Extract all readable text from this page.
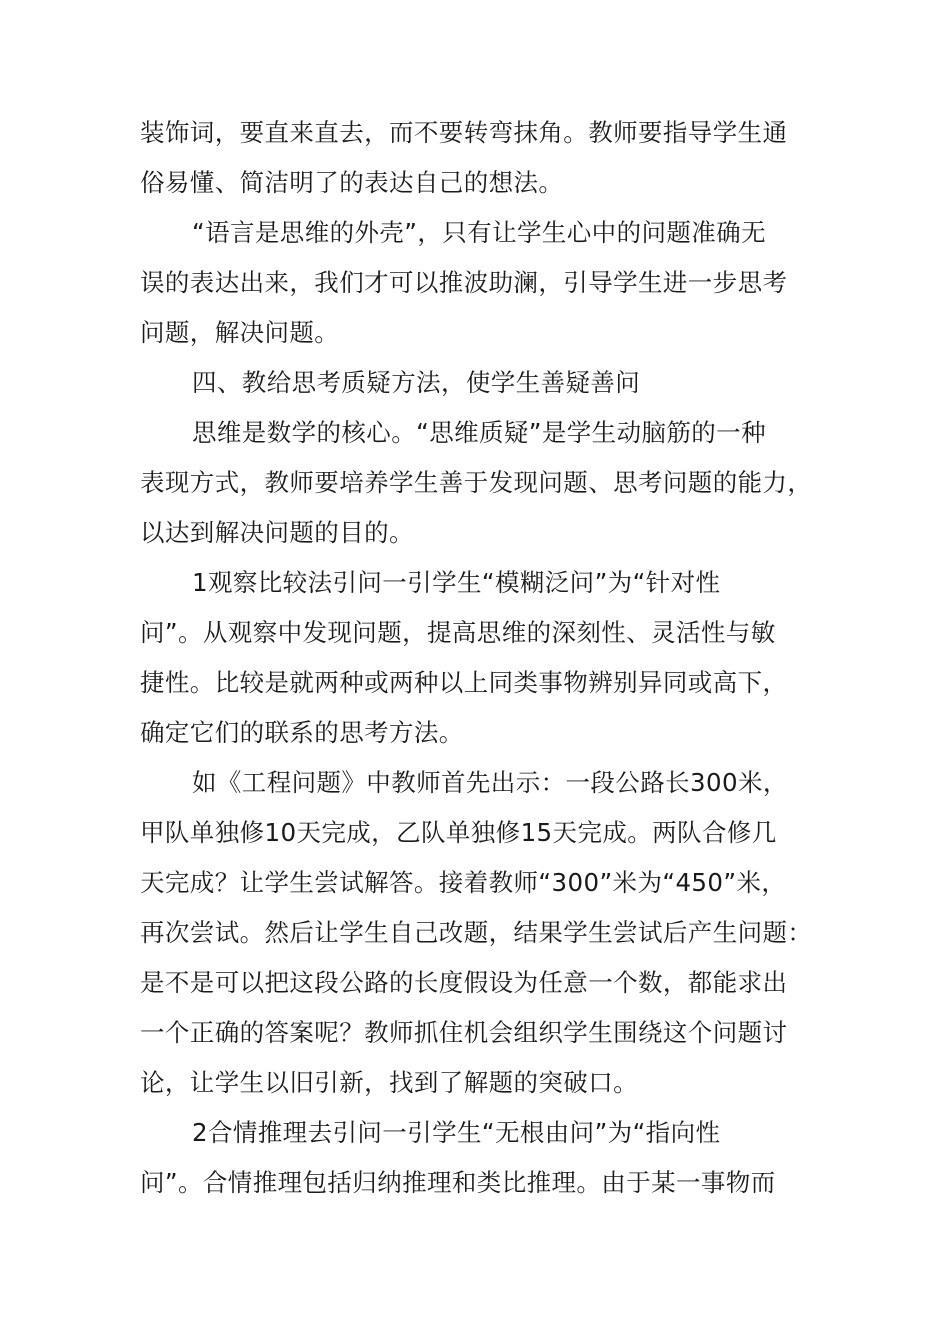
装饰词，要直来直去，而不要转弯抹角。教师要指导学生通
俗易懂、简洁明了的表达自己的想法。
“语言是思维的外壳”，只有让学生心中的问题准确无
误的表达出来，我们才可以推波助澜，引导学生进一步思考
问题，解决问题。
四、教给思考质疑方法，使学生善疑善问
思维是数学的核心。“思维质疑”是学生动脑筋的一种
表现方式，教师要培养学生善于发现问题、思考问题的能力，
以达到解决问题的目的。
1观察比较法引问一引学生“模糊泛问”为“针对性
问”。从观察中发现问题，提高思维的深刻性、灵活性与敏
捷性。比较是就两种或两种以上同类事物辨别异同或高下，
确定它们的联系的思考方法。
如《工程问题》中教师首先出示：一段公路长300米，
甲队单独修10天完成，乙队单独修15天完成。两队合修几
天完成？让学生尝试解答。接着教师“300”米为“450”米，
再次尝试。然后让学生自己改题，结果学生尝试后产生问题：
是不是可以把这段公路的长度假设为任意一个数，都能求出
一个正确的答案呢？教师抓住机会组织学生围绕这个问题讨
论，让学生以旧引新，找到了解题的突破口。
2合情推理去引问一引学生“无根由问”为“指向性
问”。合情推理包括归纳推理和类比推理。由于某一事物而
